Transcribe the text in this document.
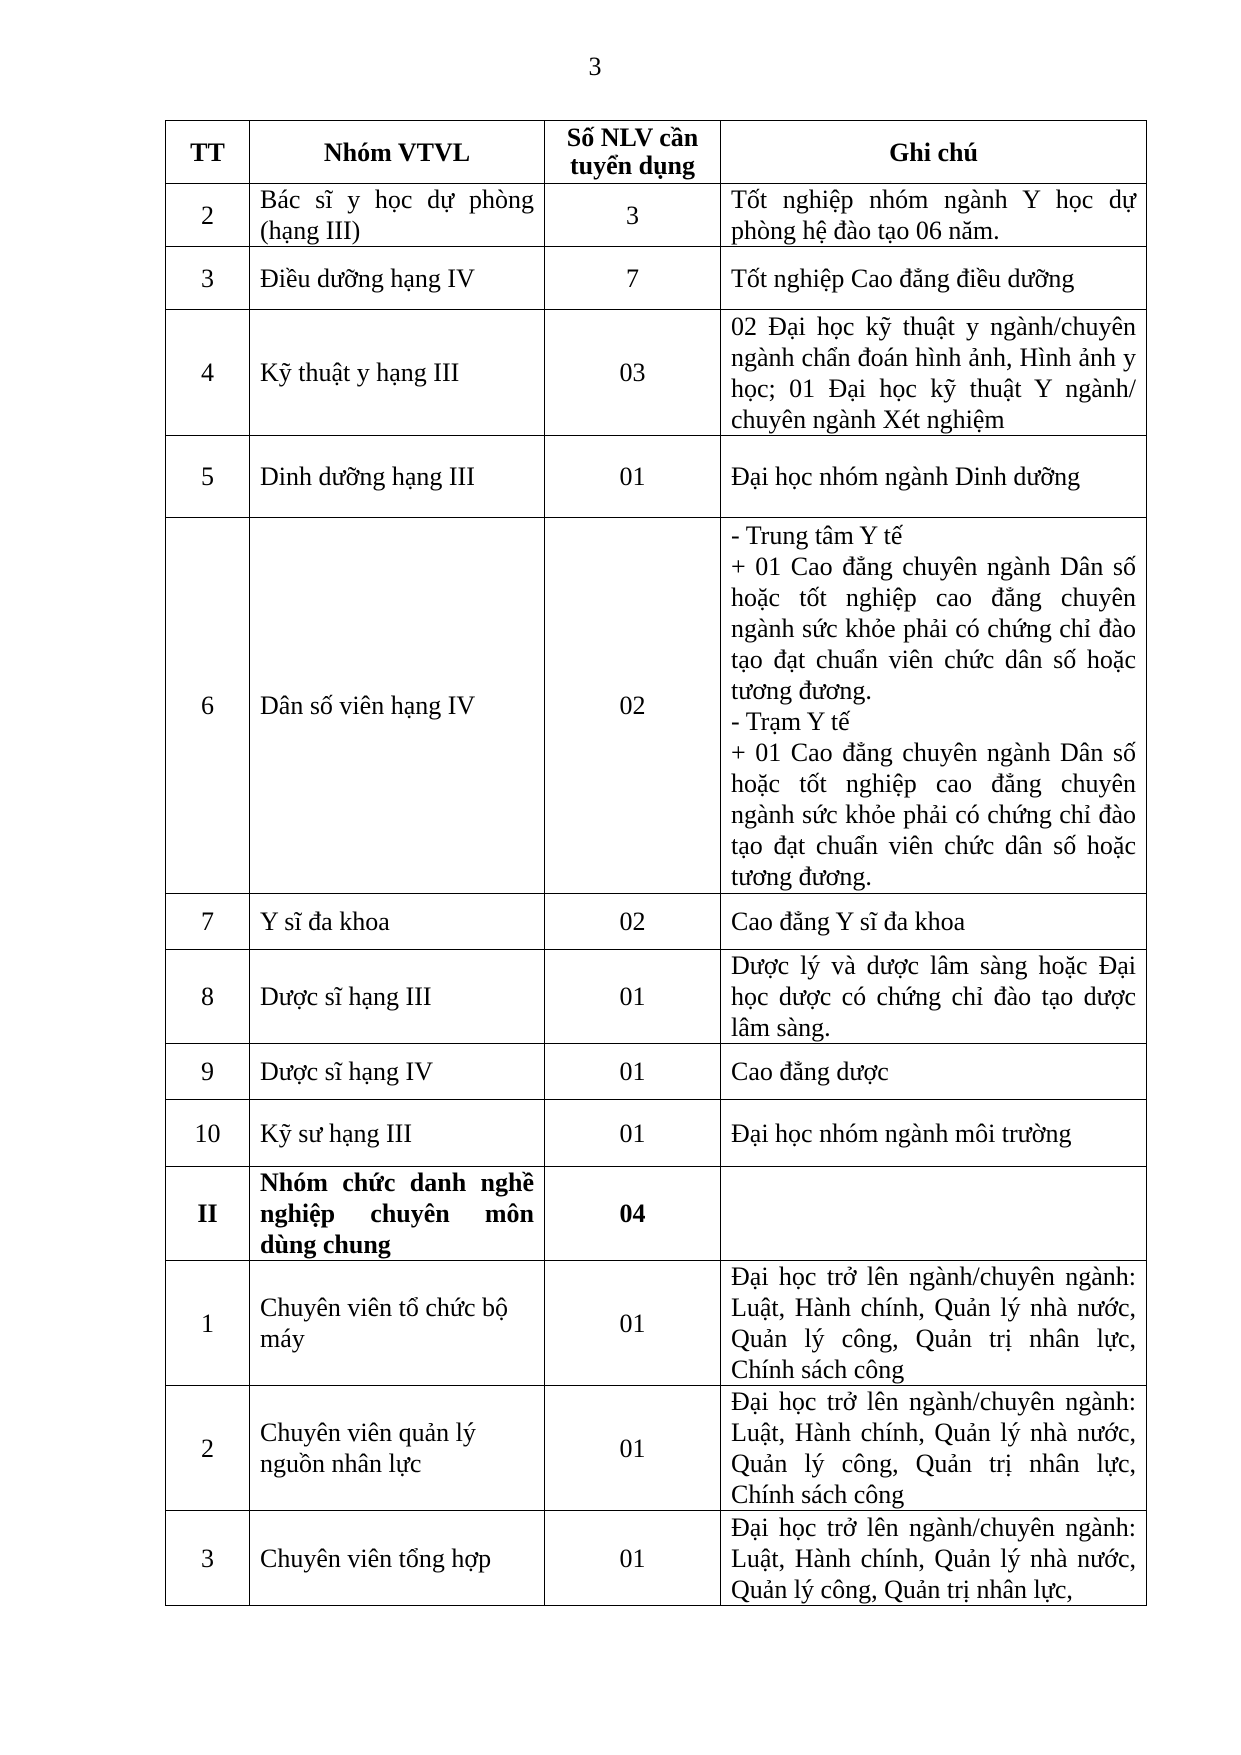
3
TT	Nhóm VTVL	Số NLV cần tuyển dụng	Ghi chú
2	Bác sĩ y học dự phòng (hạng III)	3	Tốt nghiệp nhóm ngành Y học dự phòng hệ đào tạo 06 năm.
3	Điều dưỡng hạng IV	7	Tốt nghiệp Cao đẳng điều dưỡng
4	Kỹ thuật y hạng III	03	02 Đại học kỹ thuật y ngành/chuyên ngành chẩn đoán hình ảnh, Hình ảnh y học; 01 Đại học kỹ thuật Y ngành/ chuyên ngành Xét nghiệm
5	Dinh dưỡng hạng III	01	Đại học nhóm ngành Dinh dưỡng
6	Dân số viên hạng IV	02	- Trung tâm Y tế
+ 01 Cao đẳng chuyên ngành Dân số hoặc tốt nghiệp cao đẳng chuyên ngành sức khỏe phải có chứng chỉ đào tạo đạt chuẩn viên chức dân số hoặc tương đương.
- Trạm Y tế
+ 01 Cao đẳng chuyên ngành Dân số hoặc tốt nghiệp cao đẳng chuyên ngành sức khỏe phải có chứng chỉ đào tạo đạt chuẩn viên chức dân số hoặc tương đương.

7	Y sĩ đa khoa	02	Cao đẳng Y sĩ đa khoa
8	Dược sĩ hạng III	01	Dược lý và dược lâm sàng hoặc Đại học dược có chứng chỉ đào tạo dược lâm sàng.
9	Dược sĩ hạng IV	01	Cao đẳng dược
10	Kỹ sư hạng III	01	Đại học nhóm ngành môi trường
II	Nhóm chức danh nghề nghiệp chuyên môn dùng chung	04	
1	Chuyên viên tổ chức bộ máy	01	Đại học trở lên ngành/chuyên ngành: Luật, Hành chính, Quản lý nhà nước, Quản lý công, Quản trị nhân lực, Chính sách công
2	Chuyên viên quản lý nguồn nhân lực	01	Đại học trở lên ngành/chuyên ngành: Luật, Hành chính, Quản lý nhà nước, Quản lý công, Quản trị nhân lực, Chính sách công
3	Chuyên viên tổng hợp	01	Đại học trở lên ngành/chuyên ngành: Luật, Hành chính, Quản lý nhà nước, Quản lý công, Quản trị nhân lực,
